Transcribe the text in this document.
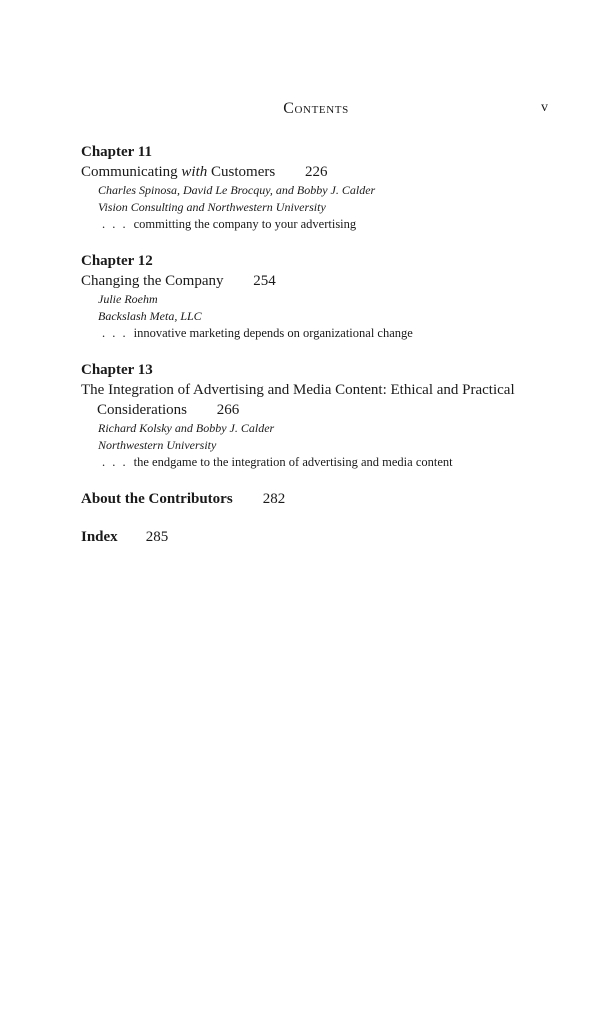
Contents	v
Chapter 11
Communicating with Customers 226
Charles Spinosa, David Le Brocquy, and Bobby J. Calder
Vision Consulting and Northwestern University
. . . committing the company to your advertising
Chapter 12
Changing the Company 254
Julie Roehm
Backslash Meta, LLC
. . . innovative marketing depends on organizational change
Chapter 13
The Integration of Advertising and Media Content: Ethical and Practical
Considerations 266
Richard Kolsky and Bobby J. Calder
Northwestern University
. . . the endgame to the integration of advertising and media content
About the Contributors 282
Index 285
